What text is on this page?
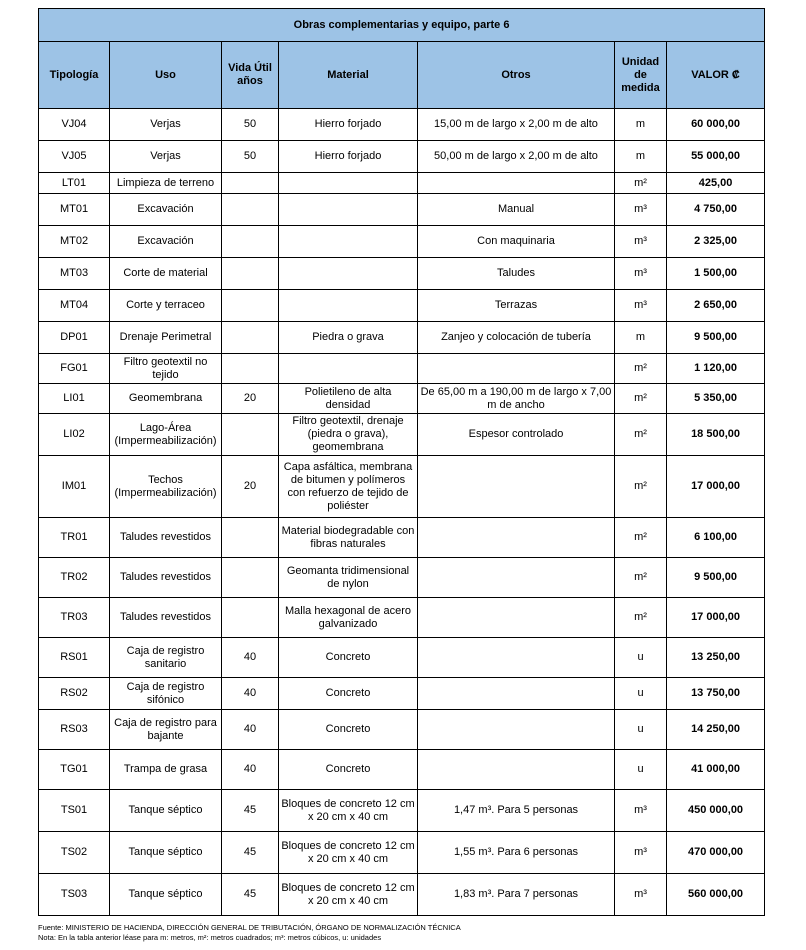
Obras complementarias y equipo, parte 6						
Tipología	Uso	Vida Útil años	Material	Otros	Unidad de medida	VALOR ₡
VJ04	Verjas	50	Hierro forjado	15,00 m de largo x 2,00 m de alto	m	60 000,00
VJ05	Verjas	50	Hierro forjado	50,00 m de largo x 2,00 m de alto	m	55 000,00
LT01	Limpieza de terreno				m²	425,00
MT01	Excavación			Manual	m³	4 750,00
MT02	Excavación			Con maquinaria	m³	2 325,00
MT03	Corte de material			Taludes	m³	1 500,00
MT04	Corte y terraceo			Terrazas	m³	2 650,00
DP01	Drenaje Perimetral		Piedra o grava	Zanjeo y colocación de tubería	m	9 500,00
FG01	Filtro geotextil no tejido				m²	1 120,00
LI01	Geomembrana	20	Polietileno de alta densidad	De 65,00 m a 190,00 m de largo x 7,00 m de ancho	m²	5 350,00
LI02	Lago-Área (Impermeabilización)		Filtro geotextil, drenaje (piedra o grava), geomembrana	Espesor controlado	m²	18 500,00
IM01	Techos (Impermeabilización)	20	Capa asfáltica, membrana de bitumen y polímeros con refuerzo de tejido de poliéster		m²	17 000,00
TR01	Taludes revestidos		Material biodegradable con fibras naturales		m²	6 100,00
TR02	Taludes revestidos		Geomanta tridimensional de nylon		m²	9 500,00
TR03	Taludes revestidos		Malla hexagonal de acero galvanizado		m²	17 000,00
RS01	Caja de registro sanitario	40	Concreto		u	13 250,00
RS02	Caja de registro sifónico	40	Concreto		u	13 750,00
RS03	Caja de registro para bajante	40	Concreto		u	14 250,00
TG01	Trampa de grasa	40	Concreto		u	41 000,00
TS01	Tanque séptico	45	Bloques de concreto 12 cm x 20 cm x 40 cm	1,47 m³. Para 5 personas	m³	450 000,00
TS02	Tanque séptico	45	Bloques de concreto 12 cm x 20 cm x 40 cm	1,55 m³. Para 6 personas	m³	470 000,00
TS03	Tanque séptico	45	Bloques de concreto 12 cm x 20 cm x 40 cm	1,83 m³. Para 7 personas	m³	560 000,00
Fuente: MINISTERIO DE HACIENDA, DIRECCIÓN GENERAL DE TRIBUTACIÓN, ÓRGANO DE NORMALIZACIÓN TÉCNICA
Nota: En la tabla anterior léase para m: metros, m²: metros cuadrados; m³: metros cúbicos, u: unidades
